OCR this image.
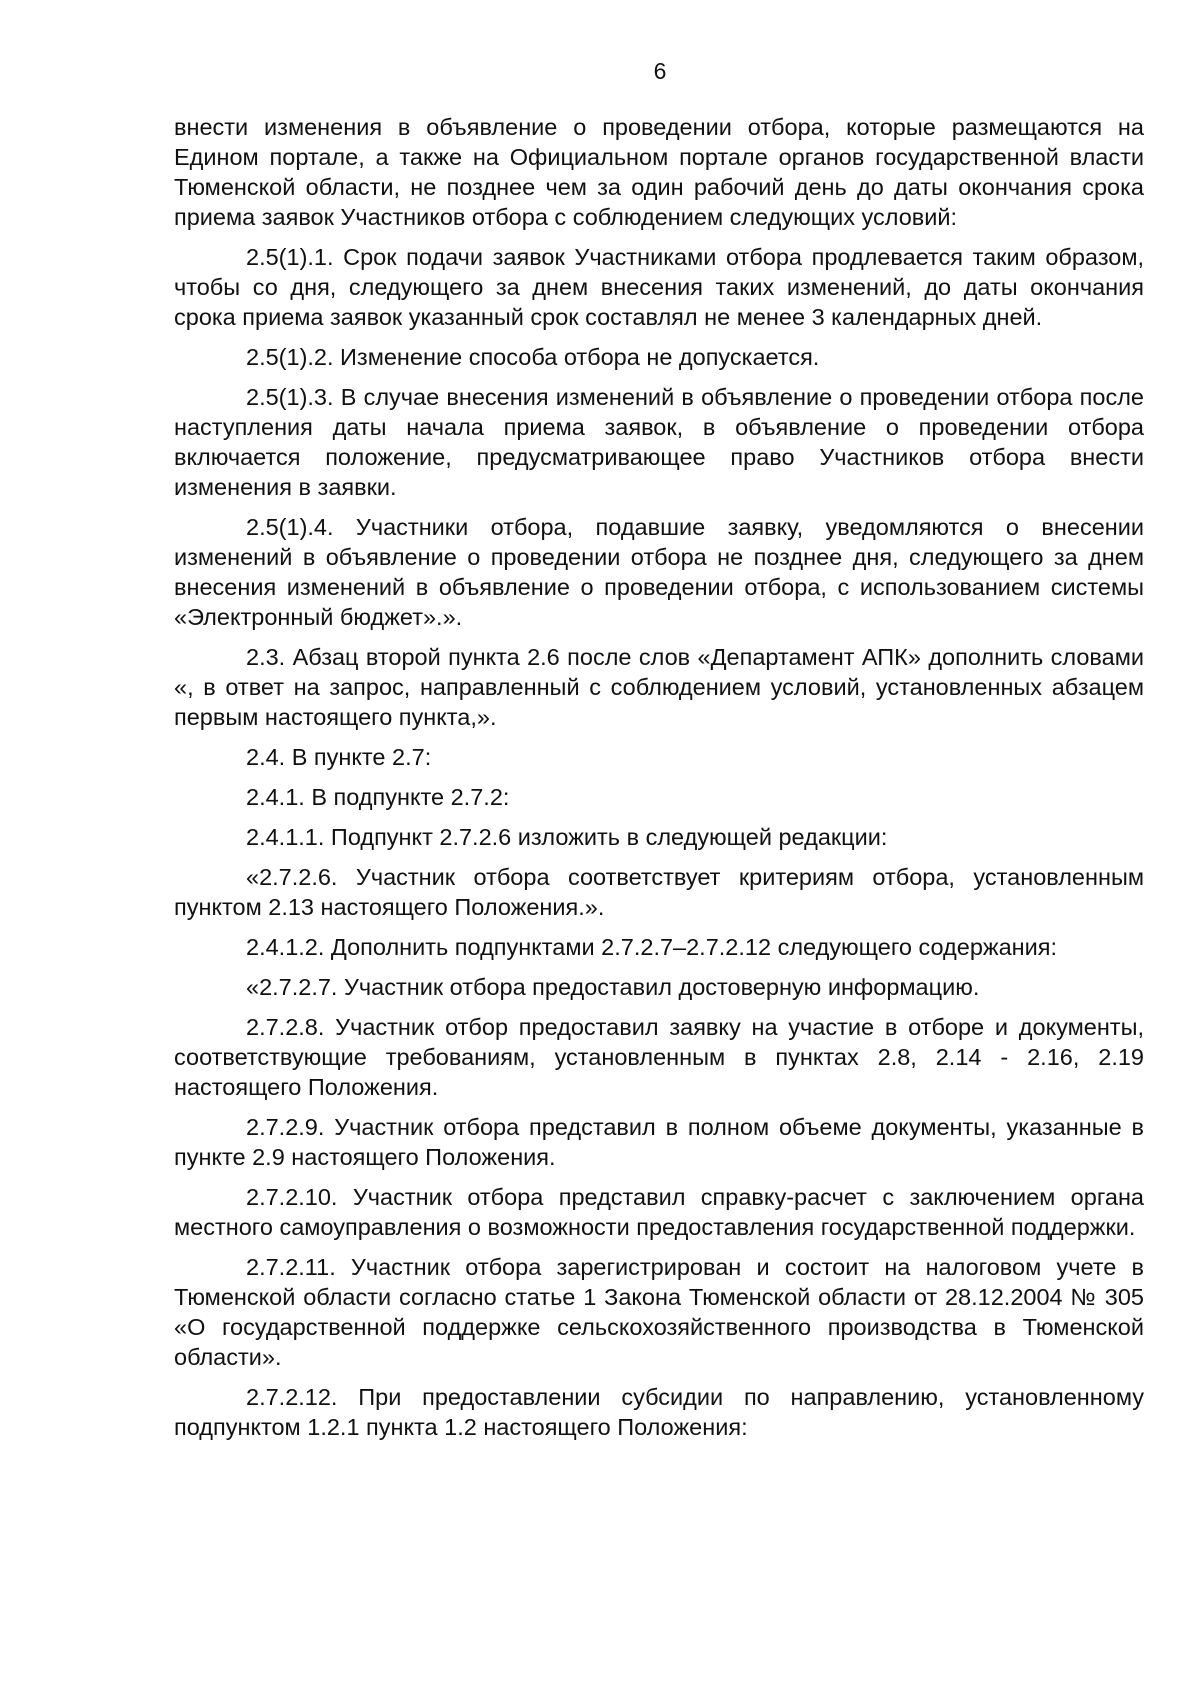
6

внести изменения в объявление о проведении отбора, которые размещаются на Едином портале, а также на Официальном портале органов государственной власти Тюменской области, не позднее чем за один рабочий день до даты окончания срока приема заявок Участников отбора с соблюдением следующих условий:

2.5(1).1. Срок подачи заявок Участниками отбора продлевается таким образом, чтобы со дня, следующего за днем внесения таких изменений, до даты окончания срока приема заявок указанный срок составлял не менее 3 календарных дней.

2.5(1).2. Изменение способа отбора не допускается.

2.5(1).3. В случае внесения изменений в объявление о проведении отбора после наступления даты начала приема заявок, в объявление о проведении отбора включается положение, предусматривающее право Участников отбора внести изменения в заявки.

2.5(1).4. Участники отбора, подавшие заявку, уведомляются о внесении изменений в объявление о проведении отбора не позднее дня, следующего за днем внесения изменений в объявление о проведении отбора, с использованием системы «Электронный бюджет».».

2.3. Абзац второй пункта 2.6 после слов «Департамент АПК» дополнить словами «, в ответ на запрос, направленный с соблюдением условий, установленных абзацем первым настоящего пункта,».

2.4. В пункте 2.7:

2.4.1. В подпункте 2.7.2:

2.4.1.1. Подпункт 2.7.2.6 изложить в следующей редакции:

«2.7.2.6. Участник отбора соответствует критериям отбора, установленным пунктом 2.13 настоящего Положения.».

2.4.1.2. Дополнить подпунктами 2.7.2.7–2.7.2.12 следующего содержания:

«2.7.2.7. Участник отбора предоставил достоверную информацию.

2.7.2.8. Участник отбор предоставил заявку на участие в отборе и документы, соответствующие требованиям, установленным в пунктах 2.8, 2.14 - 2.16, 2.19 настоящего Положения.

2.7.2.9. Участник отбора представил в полном объеме документы, указанные в пункте 2.9 настоящего Положения.

2.7.2.10. Участник отбора представил справку-расчет с заключением органа местного самоуправления о возможности предоставления государственной поддержки.

2.7.2.11. Участник отбора зарегистрирован и состоит на налоговом учете в Тюменской области согласно статье 1 Закона Тюменской области от 28.12.2004 № 305 «О государственной поддержке сельскохозяйственного производства в Тюменской области».

2.7.2.12. При предоставлении субсидии по направлению, установленному подпунктом 1.2.1 пункта 1.2 настоящего Положения:
